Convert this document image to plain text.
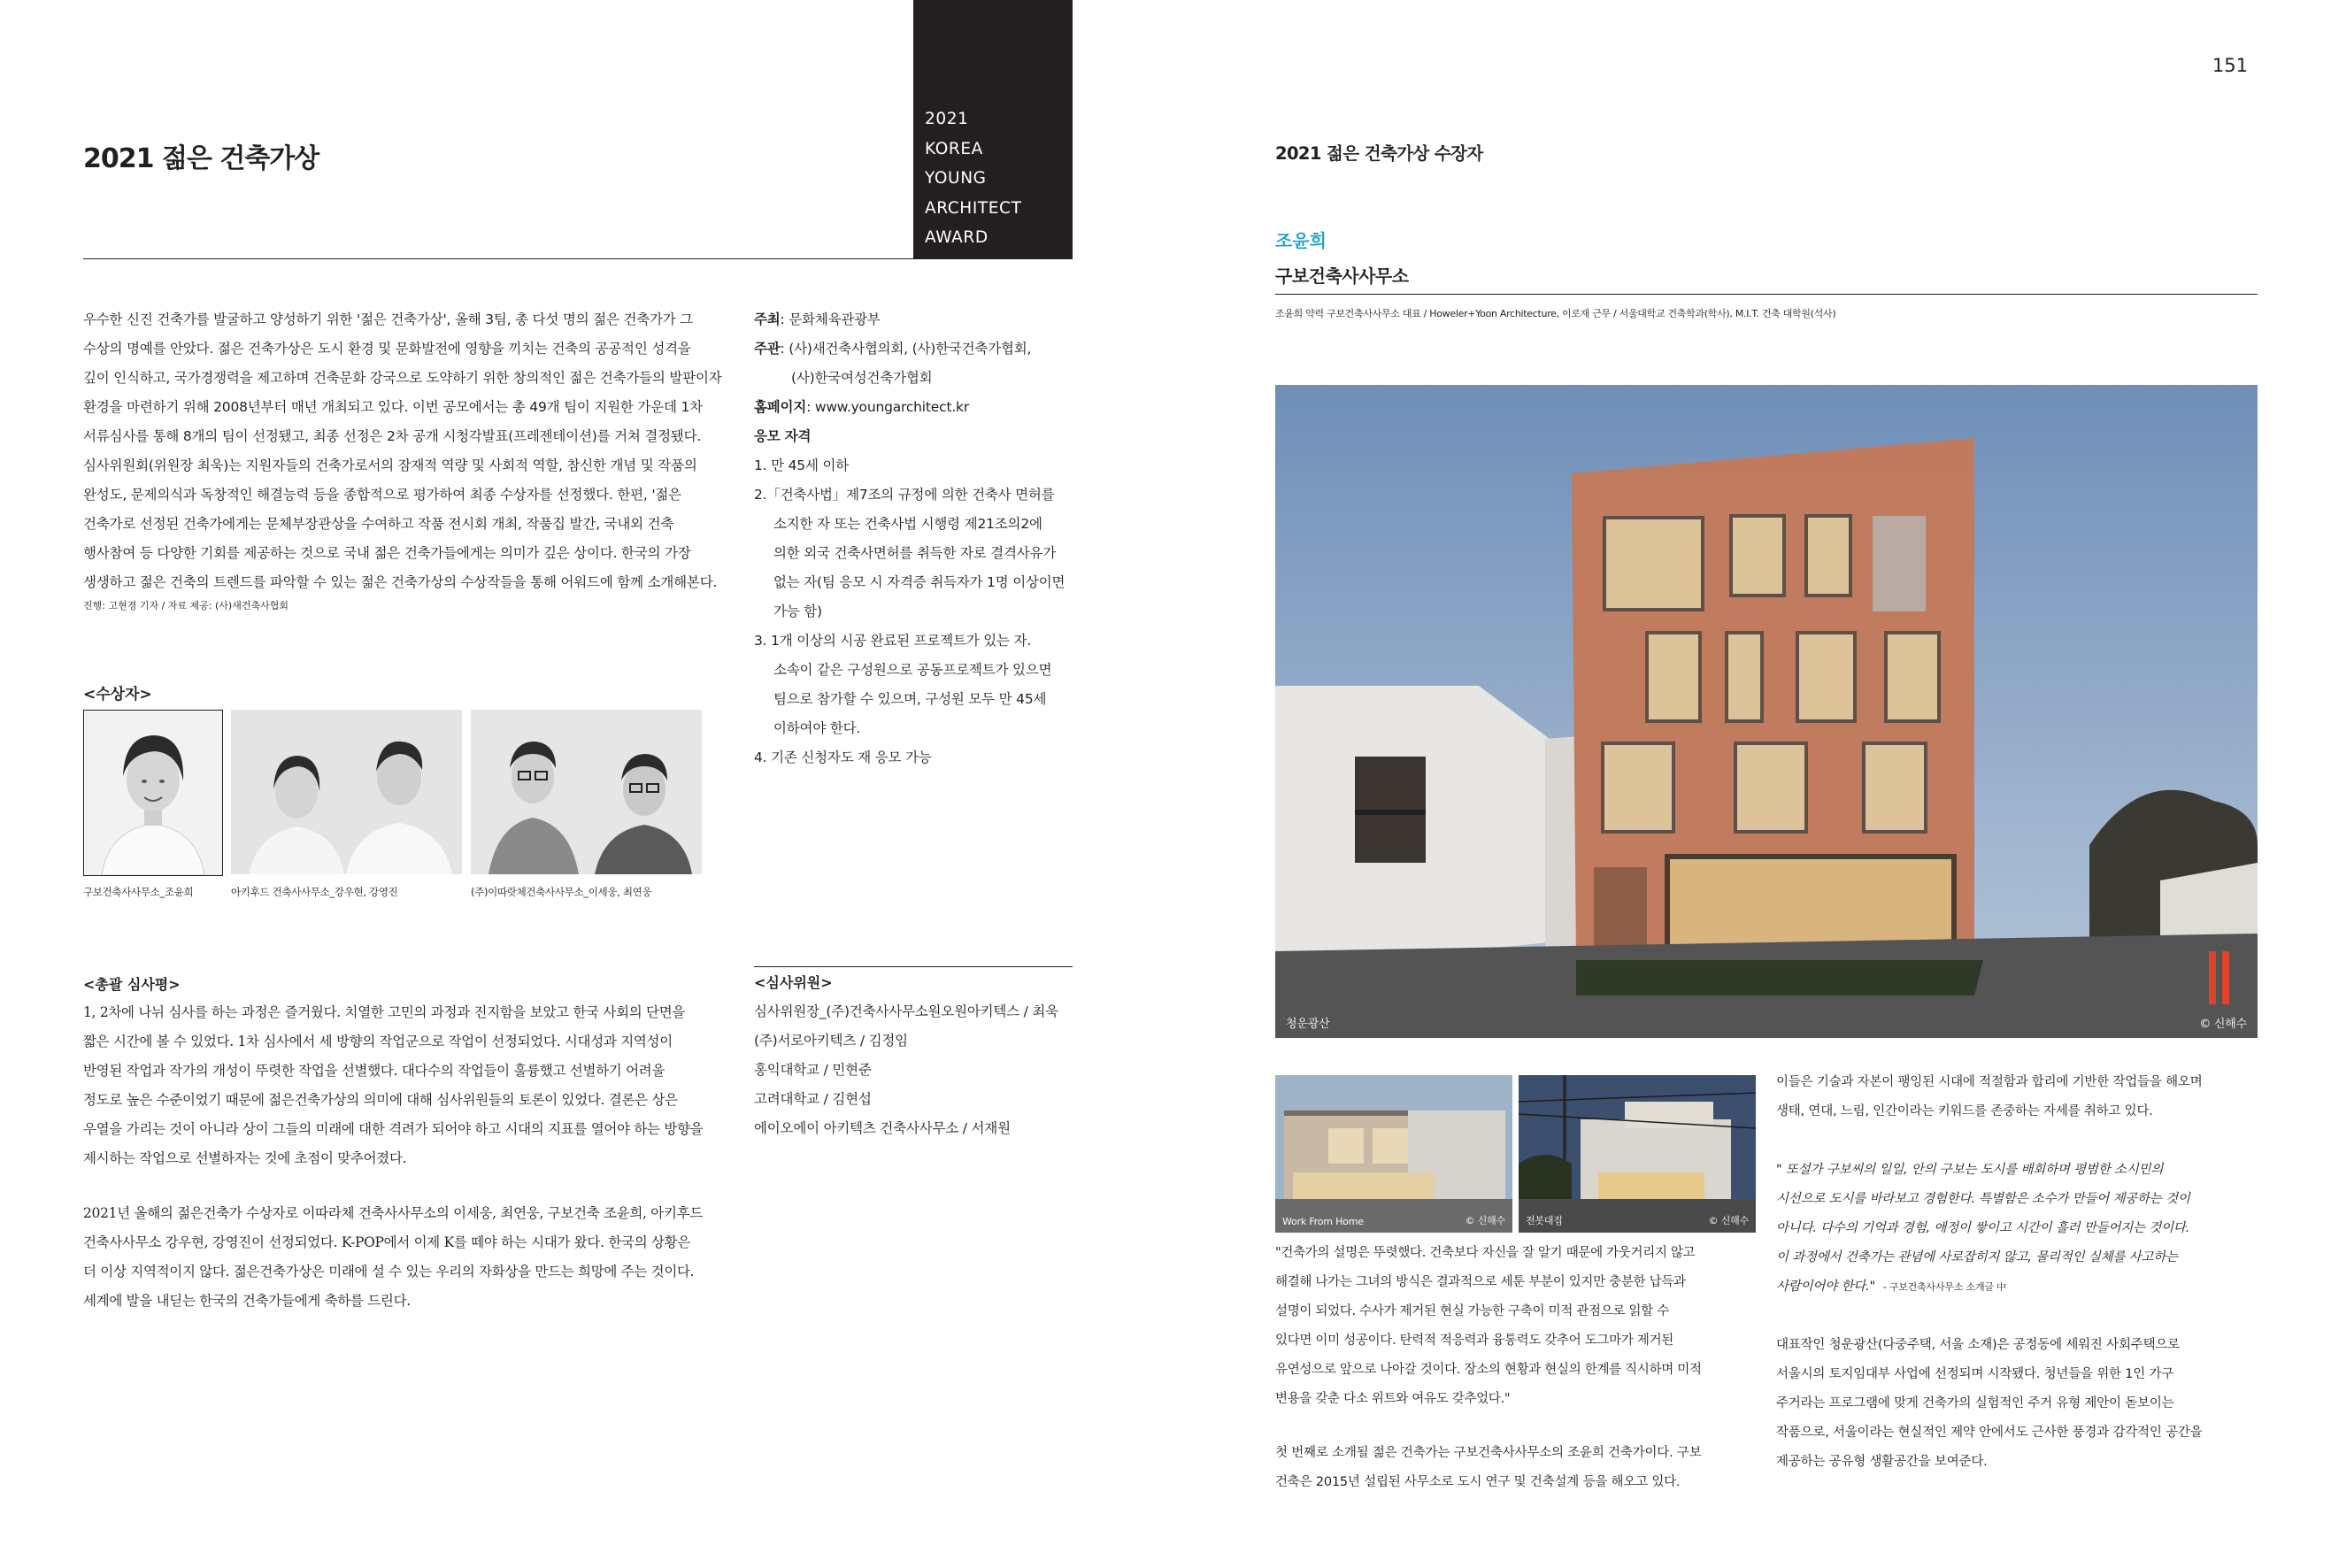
2021
KOREA
YOUNG
ARCHITECT
AWARD
2021 젊은 건축가상

우수한 신진 건축가를 발굴하고 양성하기 위한 '젊은 건축가상', 올해 3팀, 총 다섯 명의 젊은 건축가가 그

수상의 명예를 안았다. 젊은 건축가상은 도시 환경 및 문화발전에 영향을 끼치는 건축의 공공적인 성격을

깊이 인식하고, 국가경쟁력을 제고하며 건축문화 강국으로 도약하기 위한 창의적인 젊은 건축가들의 발판이자

환경을 마련하기 위해 2008년부터 매년 개최되고 있다. 이번 공모에서는 총 49개 팀이 지원한 가운데 1차

서류심사를 통해 8개의 팀이 선정됐고, 최종 선정은 2차 공개 시청각발표(프레젠테이션)를 거쳐 결정됐다.

심사위원회(위원장 최욱)는 지원자들의 건축가로서의 잠재적 역량 및 사회적 역할, 참신한 개념 및 작품의

완성도, 문제의식과 독창적인 해결능력 등을 종합적으로 평가하여 최종 수상자를 선정했다. 한편, '젊은

건축가로 선정된 건축가에게는 문체부장관상을 수여하고 작품 전시회 개최, 작품집 발간, 국내외 건축

행사참여 등 다양한 기회를 제공하는 것으로 국내 젊은 건축가들에게는 의미가 깊은 상이다. 한국의 가장

생생하고 젊은 건축의 트렌드를 파악할 수 있는 젊은 건축가상의 수상작들을 통해 어워드에 함께 소개해본다.

진행: 고현경 기자 / 자료 제공: (사)새건축사협회

주최: 문화체육관광부

주관: (사)새건축사협의회, (사)한국건축가협회,

(사)한국여성건축가협회

홈페이지: www.youngarchitect.kr

응모 자격

1. 만 45세 이하
2.「건축사법」제7조의 규정에 의한 건축사 면허를
소지한 자 또는 건축사법 시행령 제21조의2에
의한 외국 건축사면허를 취득한 자로 결격사유가
없는 자(팀 응모 시 자격증 취득자가 1명 이상이면
가능 함)
3. 1개 이상의 시공 완료된 프로젝트가 있는 자.
소속이 같은 구성원으로 공동프로젝트가 있으면
팀으로 참가할 수 있으며, 구성원 모두 만 45세
이하여야 한다.
4. 기존 신청자도 재 응모 가능
<수상자>
구보건축사사무소_조윤희	아키후드 건축사사무소_강우현, 강영진	(주)이따랏체건축사사무소_이세웅, 최연웅
<총괄 심사평>

1, 2차에 나뉘 심사를 하는 과정은 즐거웠다. 치열한 고민의 과정과 진지함을 보았고 한국 사회의 단면을

짧은 시간에 볼 수 있었다. 1차 심사에서 세 방향의 작업군으로 작업이 선정되었다. 시대성과 지역성이

반영된 작업과 작가의 개성이 뚜렷한 작업을 선별했다. 대다수의 작업들이 훌륭했고 선별하기 어려울

정도로 높은 수준이었기 때문에 젊은건축가상의 의미에 대해 심사위원들의 토론이 있었다. 결론은 상은

우열을 가리는 것이 아니라 상이 그들의 미래에 대한 격려가 되어야 하고 시대의 지표를 열어야 하는 방향을

제시하는 작업으로 선별하자는 것에 초점이 맞추어졌다.

2021년 올해의 젊은건축가 수상자로 이따라체 건축사사무소의 이세웅, 최연웅, 구보건축 조윤희, 아키후드

건축사사무소 강우현, 강영진이 선정되었다. K-POP에서 이제 K를 떼야 하는 시대가 왔다. 한국의 상황은

더 이상 지역적이지 않다. 젊은건축가상은 미래에 설 수 있는 우리의 자화상을 만드는 희망에 주는 것이다.

세계에 발을 내딛는 한국의 건축가들에게 축하를 드린다.

<심사위원>

심사위원장_(주)건축사사무소원오원아키텍스 / 최욱

(주)서로아키텍츠 / 김정임

홍익대학교 / 민현준

고려대학교 / 김현섭

에이오에이 아키텍츠 건축사사무소 / 서재원

151
2021 젊은 건축가상 수장자
조윤희
구보건축사사무소
조윤희 약력 구보건축사사무소 대표 / Howeler+Yoon Architecture, 이로재 근무 / 서울대학교 건축학과(학사), M.I.T. 건축 대학원(석사)
청운광산	© 신해수
Work From Home	© 신해수 전봇대집	© 신해수

"건축가의 설명은 뚜렷했다. 건축보다 자신을 잘 알기 때문에 가웃거리지 않고

해결해 나가는 그녀의 방식은 결과적으로 세툰 부분이 있지만 충분한 납득과

설명이 되었다. 수사가 제거된 현실 가능한 구축이 미적 관점으로 읽할 수

있다면 이미 성공이다. 탄력적 적응력과 융통력도 갖추어 도그마가 제거된

유연성으로 앞으로 나아갈 것이다. 장소의 현황과 현실의 한계를 직시하며 미적

변용을 갖춘 다소 위트와 여유도 갖추었다."

첫 번째로 소개될 젊은 건축가는 구보건축사사무소의 조윤희 건축가이다. 구보

건축은 2015년 설립된 사무소로 도시 연구 및 건축설계 등을 해오고 있다.

이들은 기술과 자본이 팽잉된 시대에 적절함과 합리에 기반한 작업들을 해오며

생태, 연대, 느림, 인간이라는 키워드를 존중하는 자세를 취하고 있다.

" 또설가 구보씨의 일일, 안의 구보는 도시를 배회하며 평범한 소시민의

시선으로 도시를 바라보고 경험한다. 특별함은 소수가 만들어 제공하는 것이

아니다. 다수의 기억과 경험, 애정이 쌓이고 시간이 흘러 만들어지는 것이다.

이 과정에서 건축가는 관념에 사로잡히지 않고, 물리적인 실체를 사고하는

사람이어야 한다." - 구보건축사사무소 소개글 中

대표작인 청운광산(다중주택, 서울 소재)은 공정동에 세워진 사회주택으로

서울시의 토지임대부 사업에 선정되며 시작됐다. 청년들을 위한 1인 가구

주거라는 프로그램에 맞게 건축가의 실험적인 주거 유형 제안이 돋보이는

작품으로, 서울이라는 현실적인 제약 안에서도 근사한 풍경과 감각적인 공간을

제공하는 공유형 생활공간을 보여준다.
